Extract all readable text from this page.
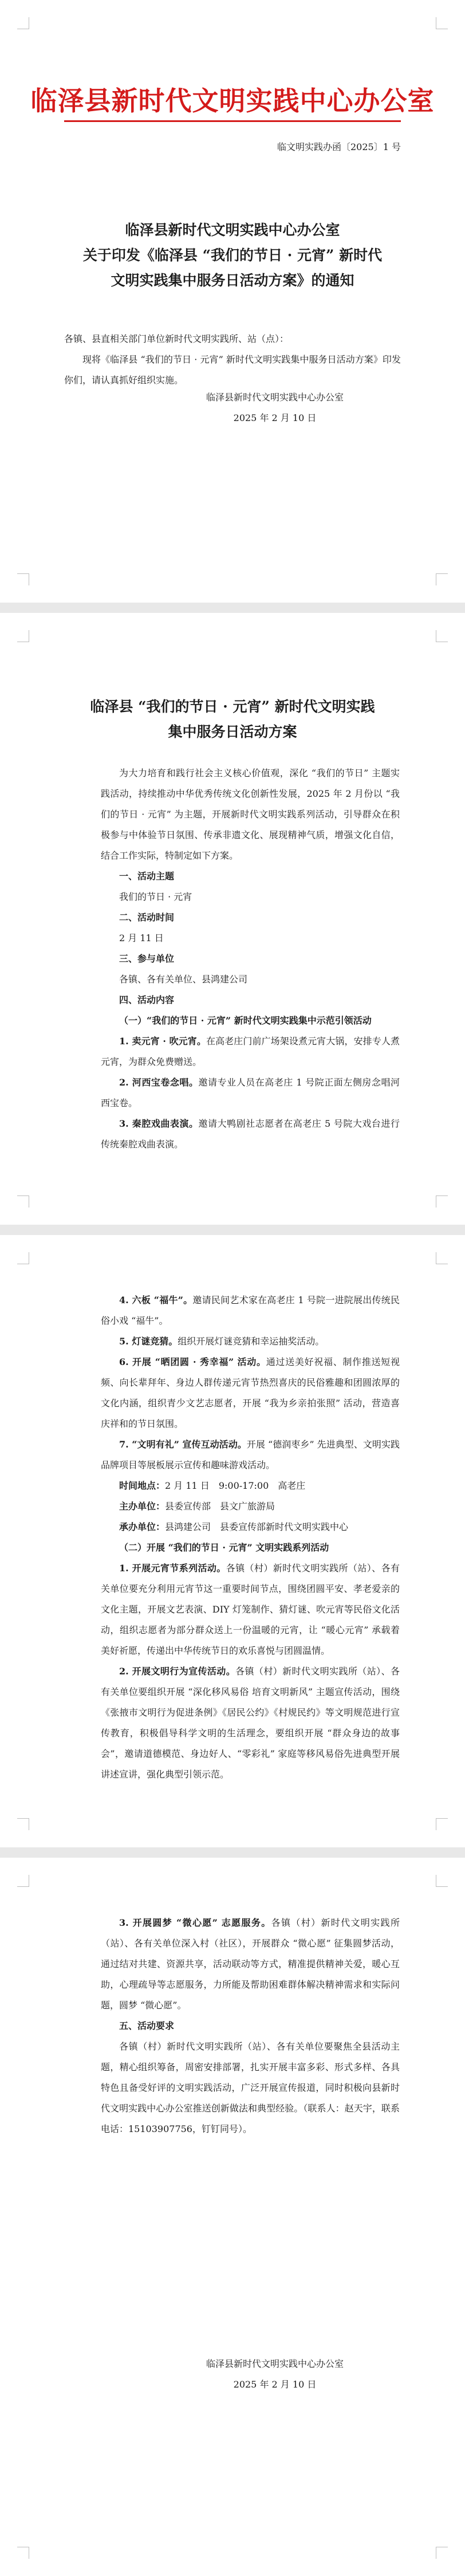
临泽县新时代文明实践中心办公室
临文明实践办函〔2025〕1 号
临泽县新时代文明实践中心办公室
关于印发《临泽县 “我们的节日 · 元宵” 新时代
文明实践集中服务日活动方案》的通知
各镇、县直相关部门单位新时代文明实践所、站（点）：
现将《临泽县 “我们的节日 · 元宵” 新时代文明实践集中服务日活动方案》印发你们，请认真抓好组织实施。
临泽县新时代文明实践中心办公室
2025 年 2 月 10 日
临泽县 “我们的节日 · 元宵” 新时代文明实践
集中服务日活动方案
为大力培育和践行社会主义核心价值观，深化 “我们的节日” 主题实践活动，持续推动中华优秀传统文化创新性发展，2025 年 2 月份以 “我们的节日 · 元宵” 为主题，开展新时代文明实践系列活动，引导群众在积极参与中体验节日氛围、传承非遗文化、展现精神气质，增强文化自信，结合工作实际，特制定如下方案。
一、活动主题
我们的节日 · 元宵
二、活动时间
2 月 11 日
三、参与单位
各镇、各有关单位、县鸿建公司
四、活动内容
（一）“我们的节日 · 元宵” 新时代文明实践集中示范引领活动
1. 卖元宵 · 吹元宵。在高老庄门前广场架设煮元宵大锅，安排专人煮元宵，为群众免费赠送。
2. 河西宝卷念唱。邀请专业人员在高老庄 1 号院正面左侧房念唱河西宝卷。
3. 秦腔戏曲表演。邀请大鸭剧社志愿者在高老庄 5 号院大戏台进行传统秦腔戏曲表演。
4. 六板 “福牛”。邀请民间艺术家在高老庄 1 号院一进院展出传统民俗小戏 “福牛”。
5. 灯谜竞猜。组织开展灯谜竞猜和幸运抽奖活动。
6. 开展 “晒团圆 · 秀幸福” 活动。通过送美好祝福、制作推送短视频、向长辈拜年、身边人群传递元宵节热烈喜庆的民俗雅趣和团圆浓厚的文化内涵，组织青少文艺志愿者，开展 “我为乡亲拍张照” 活动，营造喜庆祥和的节日氛围。
7. “文明有礼” 宣传互动活动。开展 “德润枣乡” 先进典型、文明实践品牌项目等展板展示宣传和趣味游戏活动。
时间地点：2 月 11 日　9:00-17:00　高老庄
主办单位：县委宣传部　县文广旅游局
承办单位：县鸿建公司　县委宣传部新时代文明实践中心
（二）开展 “我们的节日 · 元宵” 文明实践系列活动
1. 开展元宵节系列活动。各镇（村）新时代文明实践所（站）、各有关单位要充分利用元宵节这一重要时间节点，围绕团圆平安、孝老爱亲的文化主题，开展文艺表演、DIY 灯笼制作、猜灯谜、吹元宵等民俗文化活动，组织志愿者为部分群众送上一份温暖的元宵，让 “暖心元宵” 承载着美好祈愿，传递出中华传统节日的欢乐喜悦与团圆温情。
2. 开展文明行为宣传活动。各镇（村）新时代文明实践所（站）、各有关单位要组织开展 “深化移风易俗 培育文明新风” 主题宣传活动，围绕《张掖市文明行为促进条例》《居民公约》《村规民约》等文明规范进行宣传教育，积极倡导科学文明的生活理念，要组织开展 “群众身边的故事会”，邀请道德模范、身边好人、“零彩礼” 家庭等移风易俗先进典型开展讲述宣讲，强化典型引领示范。
3. 开展圆梦 “微心愿” 志愿服务。各镇（村）新时代文明实践所（站）、各有关单位深入村（社区），开展群众 “微心愿” 征集圆梦活动，通过结对共建、资源共享，活动联动等方式，精准提供精神关爱，暖心互助，心理疏导等志愿服务，力所能及帮助困难群体解决精神需求和实际问题，圆梦 “微心愿”。
五、活动要求
各镇（村）新时代文明实践所（站）、各有关单位要聚焦全县活动主题，精心组织筹备，周密安排部署，扎实开展丰富多彩、形式多样、各具特色且备受好评的文明实践活动，广泛开展宣传报道，同时积极向县新时代文明实践中心办公室推送创新做法和典型经验。（联系人：赵天宇，联系电话：15103907756，钉钉同号）。
临泽县新时代文明实践中心办公室
2025 年 2 月 10 日
